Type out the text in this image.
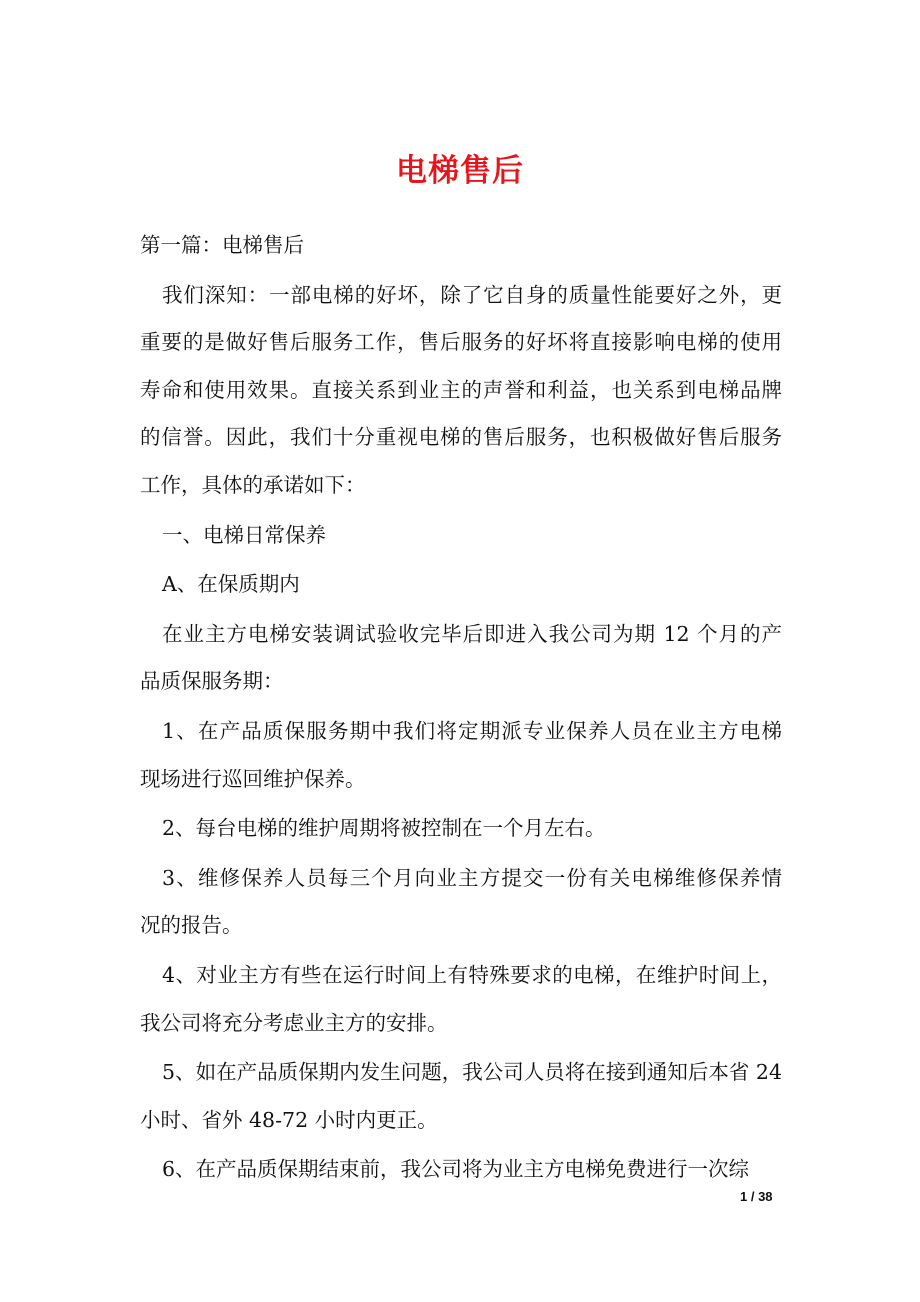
电梯售后
第一篇：电梯售后
我们深知：一部电梯的好坏，除了它自身的质量性能要好之外，更
重要的是做好售后服务工作，售后服务的好坏将直接影响电梯的使用
寿命和使用效果。直接关系到业主的声誉和利益，也关系到电梯品牌
的信誉。因此，我们十分重视电梯的售后服务，也积极做好售后服务
工作，具体的承诺如下：
一、电梯日常保养
A、在保质期内
在业主方电梯安装调试验收完毕后即进入我公司为期 12 个月的产
品质保服务期：
1、在产品质保服务期中我们将定期派专业保养人员在业主方电梯
现场进行巡回维护保养。
2、每台电梯的维护周期将被控制在一个月左右。
3、维修保养人员每三个月向业主方提交一份有关电梯维修保养情
况的报告。
4、对业主方有些在运行时间上有特殊要求的电梯，在维护时间上，
我公司将充分考虑业主方的安排。
5、如在产品质保期内发生问题，我公司人员将在接到通知后本省 24
小时、省外 48-72 小时内更正。
6、在产品质保期结束前，我公司将为业主方电梯免费进行一次综
1 / 38
